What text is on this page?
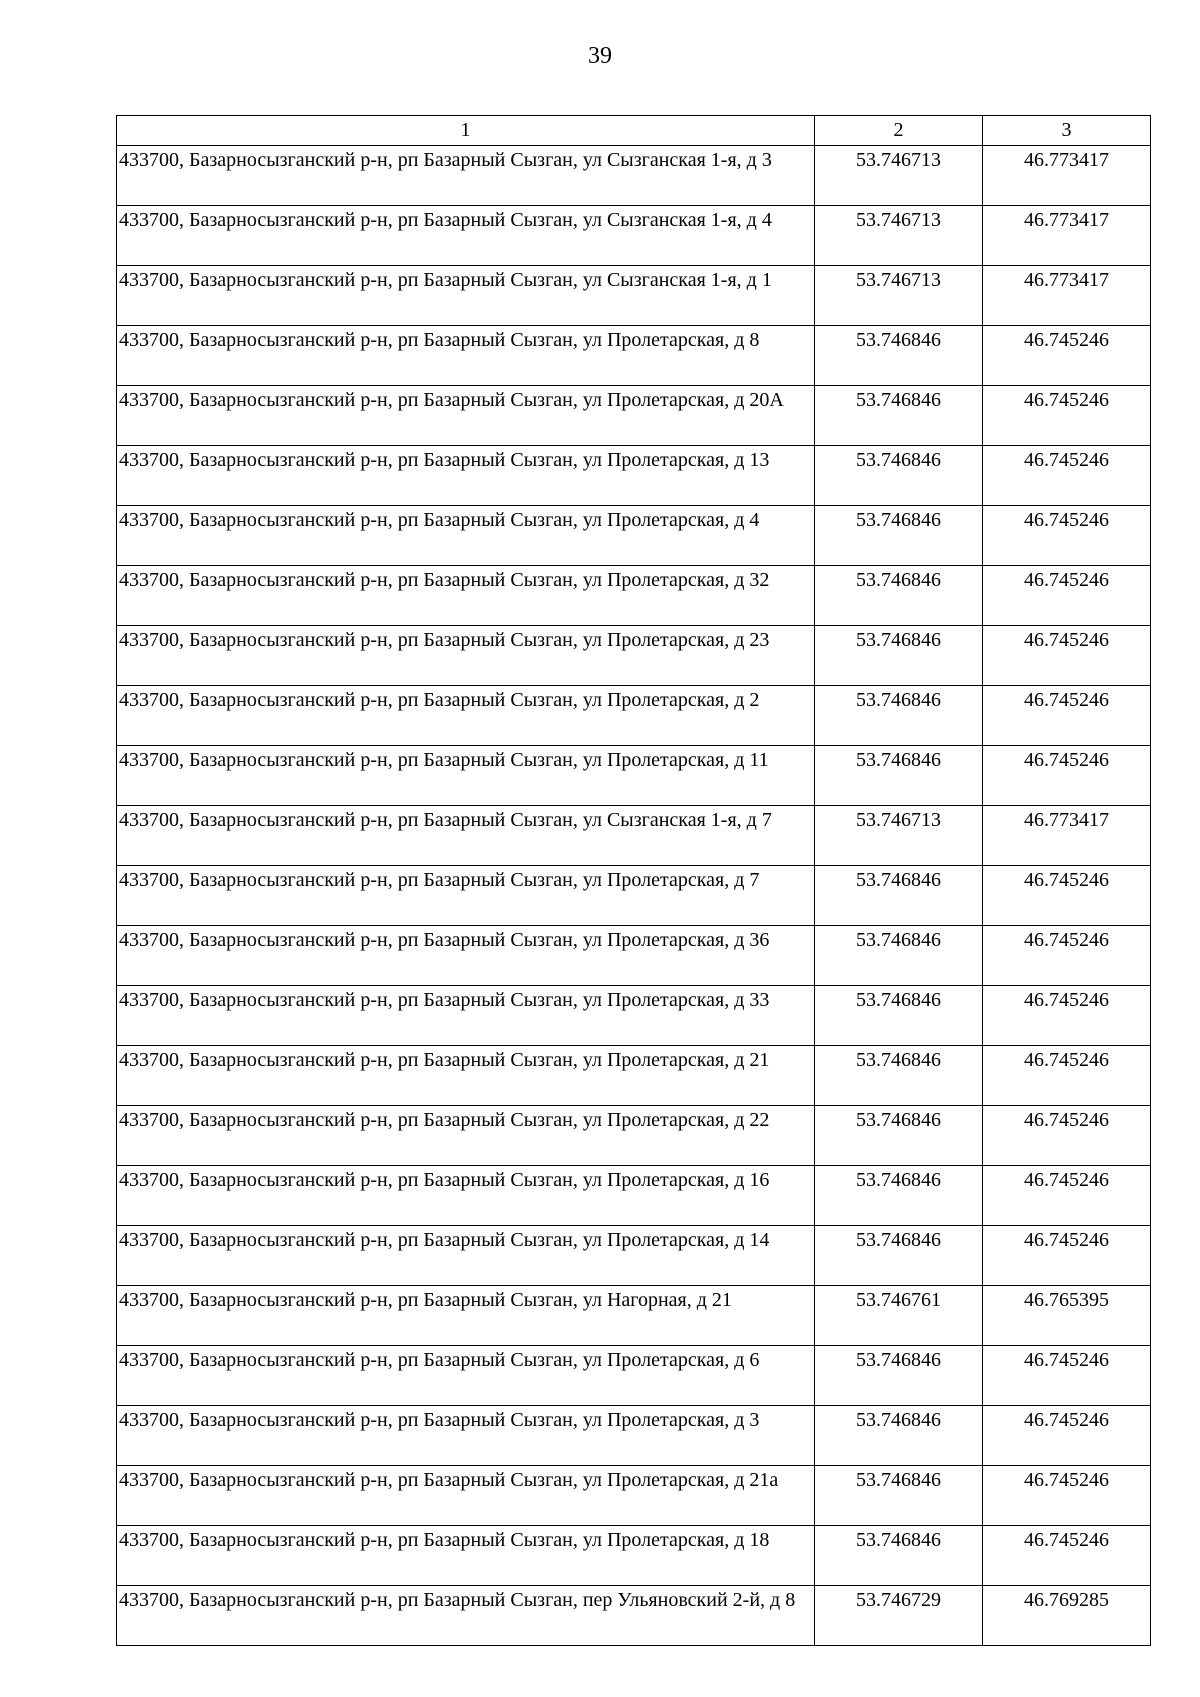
39
1	2	3
433700, Базарносызганский р-н, рп Базарный Сызган, ул Сызганская 1-я, д 3	53.746713	46.773417
433700, Базарносызганский р-н, рп Базарный Сызган, ул Сызганская 1-я, д 4	53.746713	46.773417
433700, Базарносызганский р-н, рп Базарный Сызган, ул Сызганская 1-я, д 1	53.746713	46.773417
433700, Базарносызганский р-н, рп Базарный Сызган, ул Пролетарская, д 8	53.746846	46.745246
433700, Базарносызганский р-н, рп Базарный Сызган, ул Пролетарская, д 20А	53.746846	46.745246
433700, Базарносызганский р-н, рп Базарный Сызган, ул Пролетарская, д 13	53.746846	46.745246
433700, Базарносызганский р-н, рп Базарный Сызган, ул Пролетарская, д 4	53.746846	46.745246
433700, Базарносызганский р-н, рп Базарный Сызган, ул Пролетарская, д 32	53.746846	46.745246
433700, Базарносызганский р-н, рп Базарный Сызган, ул Пролетарская, д 23	53.746846	46.745246
433700, Базарносызганский р-н, рп Базарный Сызган, ул Пролетарская, д 2	53.746846	46.745246
433700, Базарносызганский р-н, рп Базарный Сызган, ул Пролетарская, д 11	53.746846	46.745246
433700, Базарносызганский р-н, рп Базарный Сызган, ул Сызганская 1-я, д 7	53.746713	46.773417
433700, Базарносызганский р-н, рп Базарный Сызган, ул Пролетарская, д 7	53.746846	46.745246
433700, Базарносызганский р-н, рп Базарный Сызган, ул Пролетарская, д 36	53.746846	46.745246
433700, Базарносызганский р-н, рп Базарный Сызган, ул Пролетарская, д 33	53.746846	46.745246
433700, Базарносызганский р-н, рп Базарный Сызган, ул Пролетарская, д 21	53.746846	46.745246
433700, Базарносызганский р-н, рп Базарный Сызган, ул Пролетарская, д 22	53.746846	46.745246
433700, Базарносызганский р-н, рп Базарный Сызган, ул Пролетарская, д 16	53.746846	46.745246
433700, Базарносызганский р-н, рп Базарный Сызган, ул Пролетарская, д 14	53.746846	46.745246
433700, Базарносызганский р-н, рп Базарный Сызган, ул Нагорная, д 21	53.746761	46.765395
433700, Базарносызганский р-н, рп Базарный Сызган, ул Пролетарская, д 6	53.746846	46.745246
433700, Базарносызганский р-н, рп Базарный Сызган, ул Пролетарская, д 3	53.746846	46.745246
433700, Базарносызганский р-н, рп Базарный Сызган, ул Пролетарская, д 21а	53.746846	46.745246
433700, Базарносызганский р-н, рп Базарный Сызган, ул Пролетарская, д 18	53.746846	46.745246
433700, Базарносызганский р-н, рп Базарный Сызган, пер Ульяновский 2-й, д 8	53.746729	46.769285
